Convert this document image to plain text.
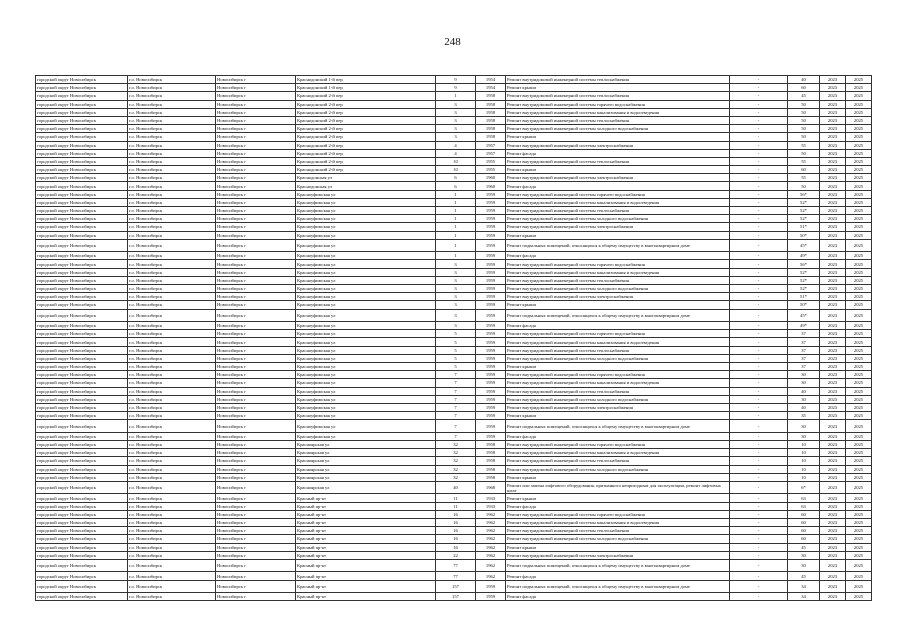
248
городской округ Новосибирск	г.о. Новосибирск	Новосибирск г	Краснодонский 1-й пер	9	1954	Ремонт внутридомовой инженерной системы теплоснабжения	-	40	2023	2025
городской округ Новосибирск	г.о. Новосибирск	Новосибирск г	Краснодонский 1-й пер	9	1954	Ремонт крыши	-	60	2023	2025
городской округ Новосибирск	г.о. Новосибирск	Новосибирск г	Краснодонский 2-й пер	1	1958	Ремонт внутридомовой инженерной системы теплоснабжения	-	45	2023	2025
городской округ Новосибирск	г.о. Новосибирск	Новосибирск г	Краснодонский 2-й пер	3	1958	Ремонт внутридомовой инженерной системы горячего водоснабжения	-	50	2023	2025
городской округ Новосибирск	г.о. Новосибирск	Новосибирск г	Краснодонский 2-й пер	3	1958	Ремонт внутридомовой инженерной системы канализования и водоотведения	-	50	2023	2025
городской округ Новосибирск	г.о. Новосибирск	Новосибирск г	Краснодонский 2-й пер	3	1958	Ремонт внутридомовой инженерной системы теплоснабжения	-	50	2023	2025
городской округ Новосибирск	г.о. Новосибирск	Новосибирск г	Краснодонский 2-й пер	3	1958	Ремонт внутридомовой инженерной системы холодного водоснабжения	-	50	2023	2025
городской округ Новосибирск	г.о. Новосибирск	Новосибирск г	Краснодонский 2-й пер	3	1958	Ремонт крыши	-	50	2023	2025
городской округ Новосибирск	г.о. Новосибирск	Новосибирск г	Краснодонский 2-й пер	4	1957	Ремонт внутридомовой инженерной системы электроснабжения	-	55	2023	2025
городской округ Новосибирск	г.о. Новосибирск	Новосибирск г	Краснодонский 2-й пер	4	1957	Ремонт фасада	-	50	2023	2025
городской округ Новосибирск	г.о. Новосибирск	Новосибирск г	Краснодонский 2-й пер	10	1955	Ремонт внутридомовой инженерной системы теплоснабжения	-	55	2023	2025
городской округ Новосибирск	г.о. Новосибирск	Новосибирск г	Краснодонский 2-й пер	10	1955	Ремонт крыши	-	60	2023	2025
городской округ Новосибирск	г.о. Новосибирск	Новосибирск г	Краснодонская ул	6	1960	Ремонт внутридомовой инженерной системы электроснабжения	-	55	2023	2025
городской округ Новосибирск	г.о. Новосибирск	Новосибирск г	Краснодонская ул	6	1960	Ремонт фасада	-	50	2023	2025
городской округ Новосибирск	г.о. Новосибирск	Новосибирск г	Красноуфимская ул	1	1959	Ремонт внутридомовой инженерной системы горячего водоснабжения	-	56*	2023	2025
городской округ Новосибирск	г.о. Новосибирск	Новосибирск г	Красноуфимская ул	1	1959	Ремонт внутридомовой инженерной системы канализования и водоотведения	-	52*	2023	2025
городской округ Новосибирск	г.о. Новосибирск	Новосибирск г	Красноуфимская ул	1	1959	Ремонт внутридомовой инженерной системы теплоснабжения	-	52*	2023	2025
городской округ Новосибирск	г.о. Новосибирск	Новосибирск г	Красноуфимская ул	1	1959	Ремонт внутридомовой инженерной системы холодного водоснабжения	-	52*	2023	2025
городской округ Новосибирск	г.о. Новосибирск	Новосибирск г	Красноуфимская ул	1	1959	Ремонт внутридомовой инженерной системы электроснабжения	-	51*	2023	2025
городской округ Новосибирск	г.о. Новосибирск	Новосибирск г	Красноуфимская ул	1	1959	Ремонт крыши	-	50*	2023	2025
городской округ Новосибирск	г.о. Новосибирск	Новосибирск г	Красноуфимская ул	1	1959	Ремонт подвальных помещений, относящихся к общему имуществу в многоквартирном доме	-	45*	2023	2025
городской округ Новосибирск	г.о. Новосибирск	Новосибирск г	Красноуфимская ул	1	1959	Ремонт фасада	-	49*	2023	2025
городской округ Новосибирск	г.о. Новосибирск	Новосибирск г	Красноуфимская ул	3	1959	Ремонт внутридомовой инженерной системы горячего водоснабжения	-	56*	2023	2025
городской округ Новосибирск	г.о. Новосибирск	Новосибирск г	Красноуфимская ул	3	1959	Ремонт внутридомовой инженерной системы канализования и водоотведения	-	52*	2023	2025
городской округ Новосибирск	г.о. Новосибирск	Новосибирск г	Красноуфимская ул	3	1959	Ремонт внутридомовой инженерной системы теплоснабжения	-	52*	2023	2025
городской округ Новосибирск	г.о. Новосибирск	Новосибирск г	Красноуфимская ул	3	1959	Ремонт внутридомовой инженерной системы холодного водоснабжения	-	52*	2023	2025
городской округ Новосибирск	г.о. Новосибирск	Новосибирск г	Красноуфимская ул	3	1959	Ремонт внутридомовой инженерной системы электроснабжения	-	51*	2023	2025
городской округ Новосибирск	г.о. Новосибирск	Новосибирск г	Красноуфимская ул	3	1959	Ремонт крыши	-	50*	2023	2025
городской округ Новосибирск	г.о. Новосибирск	Новосибирск г	Красноуфимская ул	3	1959	Ремонт подвальных помещений, относящихся к общему имуществу в многоквартирном доме	-	45*	2023	2025
городской округ Новосибирск	г.о. Новосибирск	Новосибирск г	Красноуфимская ул	3	1959	Ремонт фасада	-	49*	2023	2025
городской округ Новосибирск	г.о. Новосибирск	Новосибирск г	Красноуфимская ул	5	1959	Ремонт внутридомовой инженерной системы горячего водоснабжения	-	37	2023	2025
городской округ Новосибирск	г.о. Новосибирск	Новосибирск г	Красноуфимская ул	5	1959	Ремонт внутридомовой инженерной системы канализования и водоотведения	-	37	2023	2025
городской округ Новосибирск	г.о. Новосибирск	Новосибирск г	Красноуфимская ул	5	1959	Ремонт внутридомовой инженерной системы теплоснабжения	-	37	2023	2025
городской округ Новосибирск	г.о. Новосибирск	Новосибирск г	Красноуфимская ул	5	1959	Ремонт внутридомовой инженерной системы холодного водоснабжения	-	37	2023	2025
городской округ Новосибирск	г.о. Новосибирск	Новосибирск г	Красноуфимская ул	5	1959	Ремонт крыши	-	37	2023	2025
городской округ Новосибирск	г.о. Новосибирск	Новосибирск г	Красноуфимская ул	7	1959	Ремонт внутридомовой инженерной системы горячего водоснабжения	-	30	2023	2025
городской округ Новосибирск	г.о. Новосибирск	Новосибирск г	Красноуфимская ул	7	1959	Ремонт внутридомовой инженерной системы канализования и водоотведения	-	30	2023	2025
городской округ Новосибирск	г.о. Новосибирск	Новосибирск г	Красноуфимская ул	7	1959	Ремонт внутридомовой инженерной системы теплоснабжения	-	40	2023	2025
городской округ Новосибирск	г.о. Новосибирск	Новосибирск г	Красноуфимская ул	7	1959	Ремонт внутридомовой инженерной системы холодного водоснабжения	-	30	2023	2025
городской округ Новосибирск	г.о. Новосибирск	Новосибирск г	Красноуфимская ул	7	1959	Ремонт внутридомовой инженерной системы электроснабжения	-	40	2023	2025
городской округ Новосибирск	г.о. Новосибирск	Новосибирск г	Красноуфимская ул	7	1959	Ремонт крыши	-	35	2023	2025
городской округ Новосибирск	г.о. Новосибирск	Новосибирск г	Красноуфимская ул	7	1959	Ремонт подвальных помещений, относящихся к общему имуществу в многоквартирном доме	-	30	2023	2025
городской округ Новосибирск	г.о. Новосибирск	Новосибирск г	Красноуфимская ул	7	1959	Ремонт фасада	-	30	2023	2025
городской округ Новосибирск	г.о. Новосибирск	Новосибирск г	Красноярская ул	32	1958	Ремонт внутридомовой инженерной системы горячего водоснабжения	-	10	2023	2025
городской округ Новосибирск	г.о. Новосибирск	Новосибирск г	Красноярская ул	32	1958	Ремонт внутридомовой инженерной системы канализования и водоотведения	-	10	2023	2025
городской округ Новосибирск	г.о. Новосибирск	Новосибирск г	Красноярская ул	32	1958	Ремонт внутридомовой инженерной системы теплоснабжения	-	10	2023	2025
городской округ Новосибирск	г.о. Новосибирск	Новосибирск г	Красноярская ул	32	1958	Ремонт внутридомовой инженерной системы холодного водоснабжения	-	10	2023	2025
городской округ Новосибирск	г.о. Новосибирск	Новосибирск г	Красноярская ул	32	1958	Ремонт крыши	-	10	2023	2025
городской округ Новосибирск	г.о. Новосибирск	Новосибирск г	Красноярская ул	40	1968	Ремонт или замена лифтового оборудования, признанного непригодным для эксплуатации, ремонт лифтовых шахт	-	6*	2023	2025
городской округ Новосибирск	г.о. Новосибирск	Новосибирск г	Красный пр-кт	11	1933	Ремонт крыши	-	63	2023	2025
городской округ Новосибирск	г.о. Новосибирск	Новосибирск г	Красный пр-кт	11	1933	Ремонт фасада	-	63	2023	2025
городской округ Новосибирск	г.о. Новосибирск	Новосибирск г	Красный пр-кт	16	1962	Ремонт внутридомовой инженерной системы горячего водоснабжения	-	60	2023	2025
городской округ Новосибирск	г.о. Новосибирск	Новосибирск г	Красный пр-кт	16	1962	Ремонт внутридомовой инженерной системы канализования и водоотведения	-	60	2023	2025
городской округ Новосибирск	г.о. Новосибирск	Новосибирск г	Красный пр-кт	16	1962	Ремонт внутридомовой инженерной системы теплоснабжения	-	60	2023	2025
городской округ Новосибирск	г.о. Новосибирск	Новосибирск г	Красный пр-кт	16	1962	Ремонт внутридомовой инженерной системы холодного водоснабжения	-	60	2023	2025
городской округ Новосибирск	г.о. Новосибирск	Новосибирск г	Красный пр-кт	16	1962	Ремонт крыши	-	45	2023	2025
городской округ Новосибирск	г.о. Новосибирск	Новосибирск г	Красный пр-кт	22	1962	Ремонт внутридомовой инженерной системы электроснабжения	-	30	2023	2025
городской округ Новосибирск	г.о. Новосибирск	Новосибирск г	Красный пр-кт	77	1962	Ремонт подвальных помещений, относящихся к общему имуществу в многоквартирном доме	-	30	2023	2025
городской округ Новосибирск	г.о. Новосибирск	Новосибирск г	Красный пр-кт	77	1962	Ремонт фасада	-	45	2023	2025
городской округ Новосибирск	г.о. Новосибирск	Новосибирск г	Красный пр-кт	157	1959	Ремонт подвальных помещений, относящихся к общему имуществу в многоквартирном доме	-	34	2023	2025
городской округ Новосибирск	г.о. Новосибирск	Новосибирск г	Красный пр-кт	157	1959	Ремонт фасада	-	34	2023	2025
